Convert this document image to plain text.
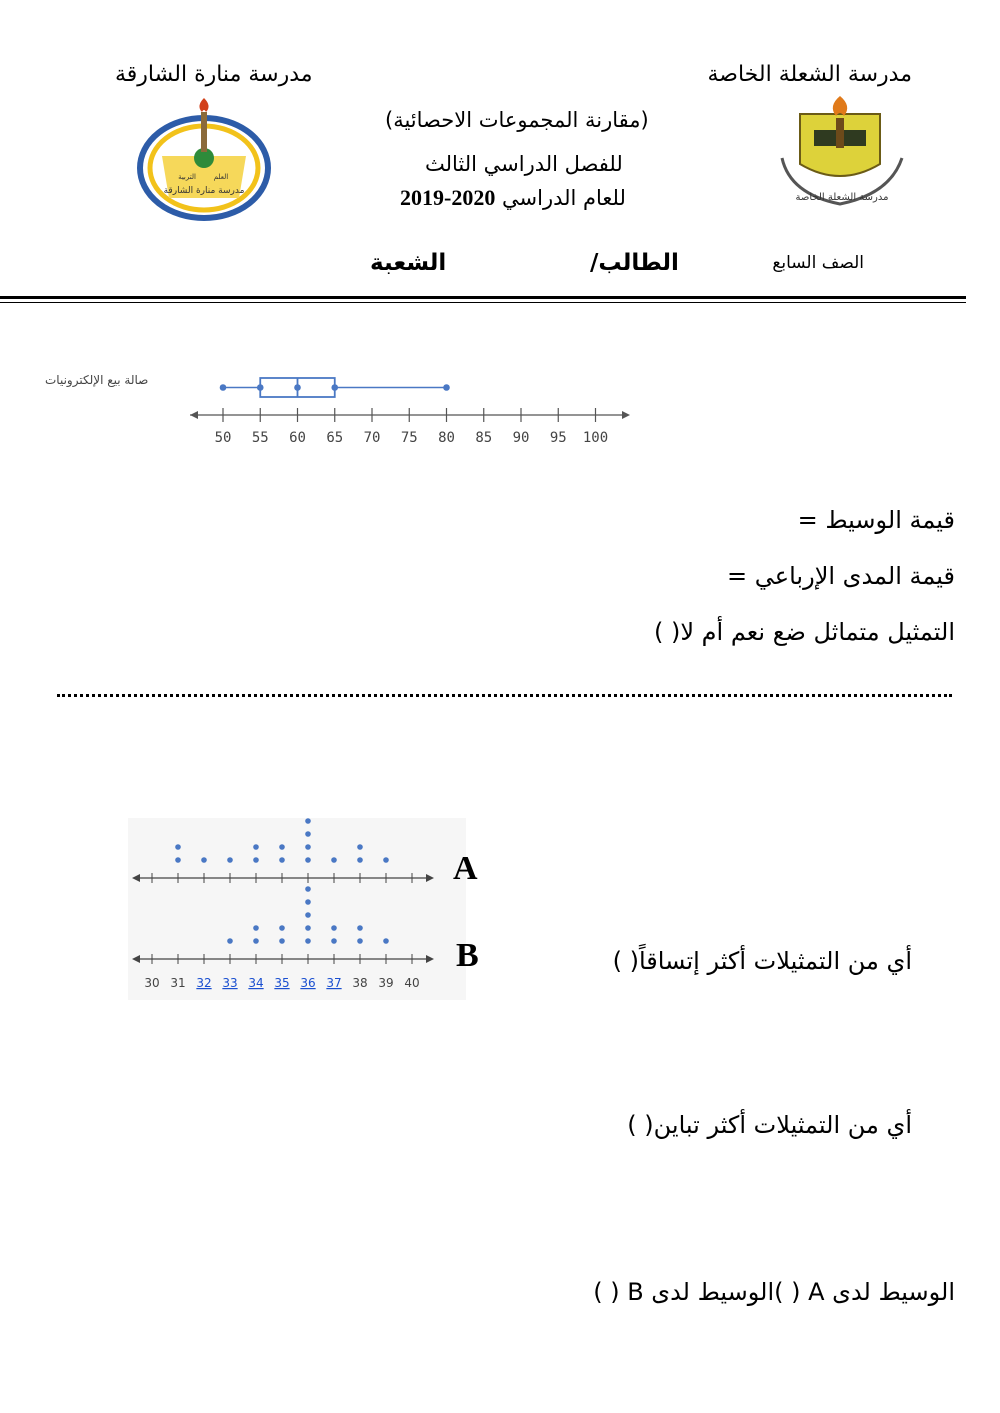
مدرسة الشعلة الخاصة
مدرسة منارة الشارقة
(مقارنة المجموعات الاحصائية)
للفصل الدراسي الثالث
للعام الدراسي 2019-2020	مدرسة الشعلة الخاصة
التربية	العلم
مدرسة منارة الشارقة
الصف السابع
الطالب/
الشعبة
صالة بيع الإلكترونيات
50 55 60 65 70 75 80 85 90 95 100
قيمة الوسيط =
قيمة المدى الإرباعي =
التمثيل متماثل ضع نعم أم لا( )
30 31 32 33 34 35 36 37 38 39 40
A
B	أي من التمثيلات أكثر إتساقاً( )
أي من التمثيلات أكثر تباين( )
الوسيط لدى A ( )الوسيط لدى B ( )
